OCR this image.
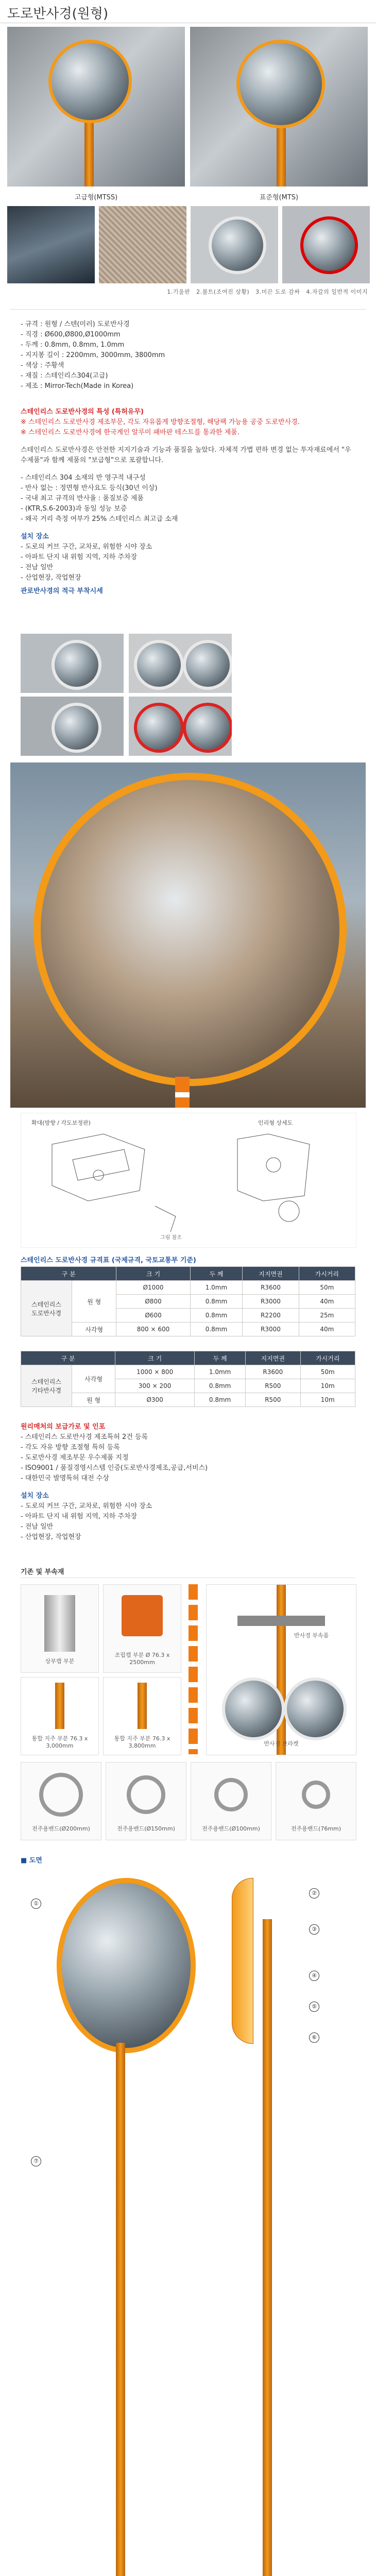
도로반사경(원형)
고급형(MTSS)	표준형(MTS)
1.기울판 2.볼트(조여진 상황) 3.미끈 도로 감싸 4.자갈의 일반적 이미지
- 규격 : 원형 / 스텐(미러) 도로반사경
- 직경 : Ø600,Ø800,Ø1000mm
- 두께 : 0.8mm, 0.8mm, 1.0mm
- 지지봉 길이 : 2200mm, 3000mm, 3800mm
- 색상 : 주황색
- 재질 : 스테인리스304(고급)
- 제조 : Mirror-Tech(Made in Korea)
스테인리스 도로반사경의 특성 (특허유무)
※ 스테인리스 도로반사경 제조부문, 각도 자유롭게 방향조절형, 해당팩 가능용 공중 도로반사경.
※ 스테인리스 도로반사경에 한국계인 알루미 패바판 테스트를 통과한 제품.
스테인리스 도로반사경은 안전한 지지기술과 기능과 품질을 높았다. 자체적 가볍 편하 변경 없는 투자재료에서 "우수제품"과 함께 제품의 "보급형"으로 포괄합니다.
- 스테인리스 304 소재의 반 영구적 내구성
- 반사 없는 : 정면형 반사요도 등식(30년 이상)
- 국내 최고 규격의 반사율 : 품질보증 제품
- (KTR,S.6-2003)과 동일 성능 보증
- 왜곡 거리 측정 여부가 25% 스테인리스 최고급 소재
설치 장소
- 도로의 커브 구간, 교차로, 위험한 시야 장소
- 아파트 단지 내 위험 지역, 지하 주차장
- 전남 일반
- 산업현장, 작업현장
관로반사경의 적극 부착시세
확대(방향 / 각도보정판)	인리형 상세도
그림 참조
스테인리스 도로반사경 규격표 (국제규격, 국토교통부 기준)
구 분		크 기	두 께	지지면권	가시거리
스테인리스
도로반사경	원 형	Ø1000	1.0mm	R3600	50m
		Ø800	0.8mm	R3000	40m
		Ø600	0.8mm	R2200	25m
	사각형	800 × 600	0.8mm	R3000	40m
구 분		크 기	두 께	지지면권	가시거리
스테인리스
기타반사경	사각형	1000 × 800	1.0mm	R3600	50m
		300 × 200	0.8mm	R500	10m
	원 형	Ø300	0.8mm	R500	10m
원리매처의 보급가로 및 인포
- 스테인리스 도로반사경 제조특허 2건 등록
- 각도 자유 방향 조절형 특허 등록
- 도로반사경 제조부문 우수제품 지정
- ISO9001 / 품질경영시스템 인증(도로반사경제조,공급,서비스)
- 대한민국 발명특허 대전 수상
설치 장소
- 도로의 커브 구간, 교차로, 위험한 시야 장소
- 아파트 단지 내 위험 지역, 지하 주차장
- 전남 일반
- 산업현장, 작업현장
기존 및 부속재
상부캡 부분
조립캡 부분 Ø 76.3 x 2500mm
반사경 부속품
반사경 브라켓
통합 지주 부분 76.3 x 3,000mm
통합 지주 부분 76.3 x 3,800mm
전주용밴드(Ø200mm)	전주용밴드(Ø150mm)	전주용밴드(Ø100mm)	전주용밴드(76mm)
■ 도면
①
②
③
④
⑤
⑥
⑦
